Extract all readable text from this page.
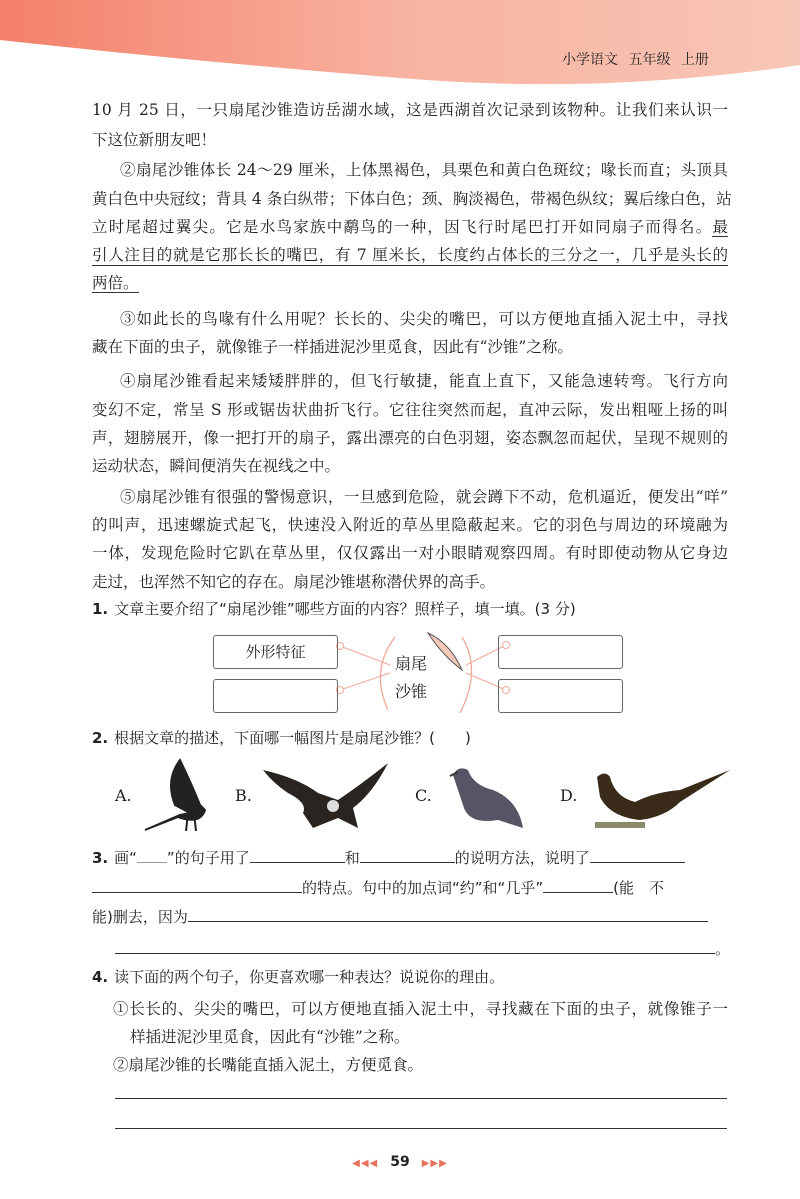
小学语文 五年级 上册
10 月 25 日，一只扇尾沙锥造访岳湖水域，这是西湖首次记录到该物种。让我们来认识一
下这位新朋友吧！
②扇尾沙锥体长 24～29 厘米，上体黑褐色，具栗色和黄白色斑纹；喙长而直；头顶具
黄白色中央冠纹；背具 4 条白纵带；下体白色；颈、胸淡褐色，带褐色纵纹；翼后缘白色，站
立时尾超过翼尖。它是水鸟家族中鹬鸟的一种，因飞行时尾巴打开如同扇子而得名。最
引人注目的就是它那长长的嘴巴，有 7 厘米长，长度约占体长的三分之一，几乎是头长的
两倍。
③如此长的鸟喙有什么用呢？长长的、尖尖的嘴巴，可以方便地直插入泥土中，寻找
藏在下面的虫子，就像锥子一样插进泥沙里觅食，因此有“沙锥”之称。
④扇尾沙锥看起来矮矮胖胖的，但飞行敏捷，能直上直下，又能急速转弯。飞行方向
变幻不定，常呈 S 形或锯齿状曲折飞行。它往往突然而起，直冲云际，发出粗哑上扬的叫
声，翅膀展开，像一把打开的扇子，露出漂亮的白色羽翅，姿态飘忽而起伏，呈现不规则的
运动状态，瞬间便消失在视线之中。
⑤扇尾沙锥有很强的警惕意识，一旦感到危险，就会蹲下不动，危机逼近，便发出“咩”
的叫声，迅速螺旋式起飞，快速没入附近的草丛里隐蔽起来。它的羽色与周边的环境融为
一体，发现危险时它趴在草丛里，仅仅露出一对小眼睛观察四周。有时即使动物从它身边
走过，也浑然不知它的存在。扇尾沙锥堪称潜伏界的高手。
1. 文章主要介绍了“扇尾沙锥”哪些方面的内容？照样子，填一填。(3 分)
外形特征
扇尾
沙锥
2. 根据文章的描述，下面哪一幅图片是扇尾沙锥？(　　)
A.	B.	C.	D.
3. 画“ ”的句子用了	和	的说明方法，说明了
的特点。句中的加点词“约”和“几乎”	(能　不
能)删去，因为
。
4. 读下面的两个句子，你更喜欢哪一种表达？说说你的理由。
①长长的、尖尖的嘴巴，可以方便地直插入泥土中，寻找藏在下面的虫子，就像锥子一
样插进泥沙里觅食，因此有“沙锥”之称。
②扇尾沙锥的长嘴能直插入泥土，方便觅食。
◀◀◀ 59 ▶▶▶
